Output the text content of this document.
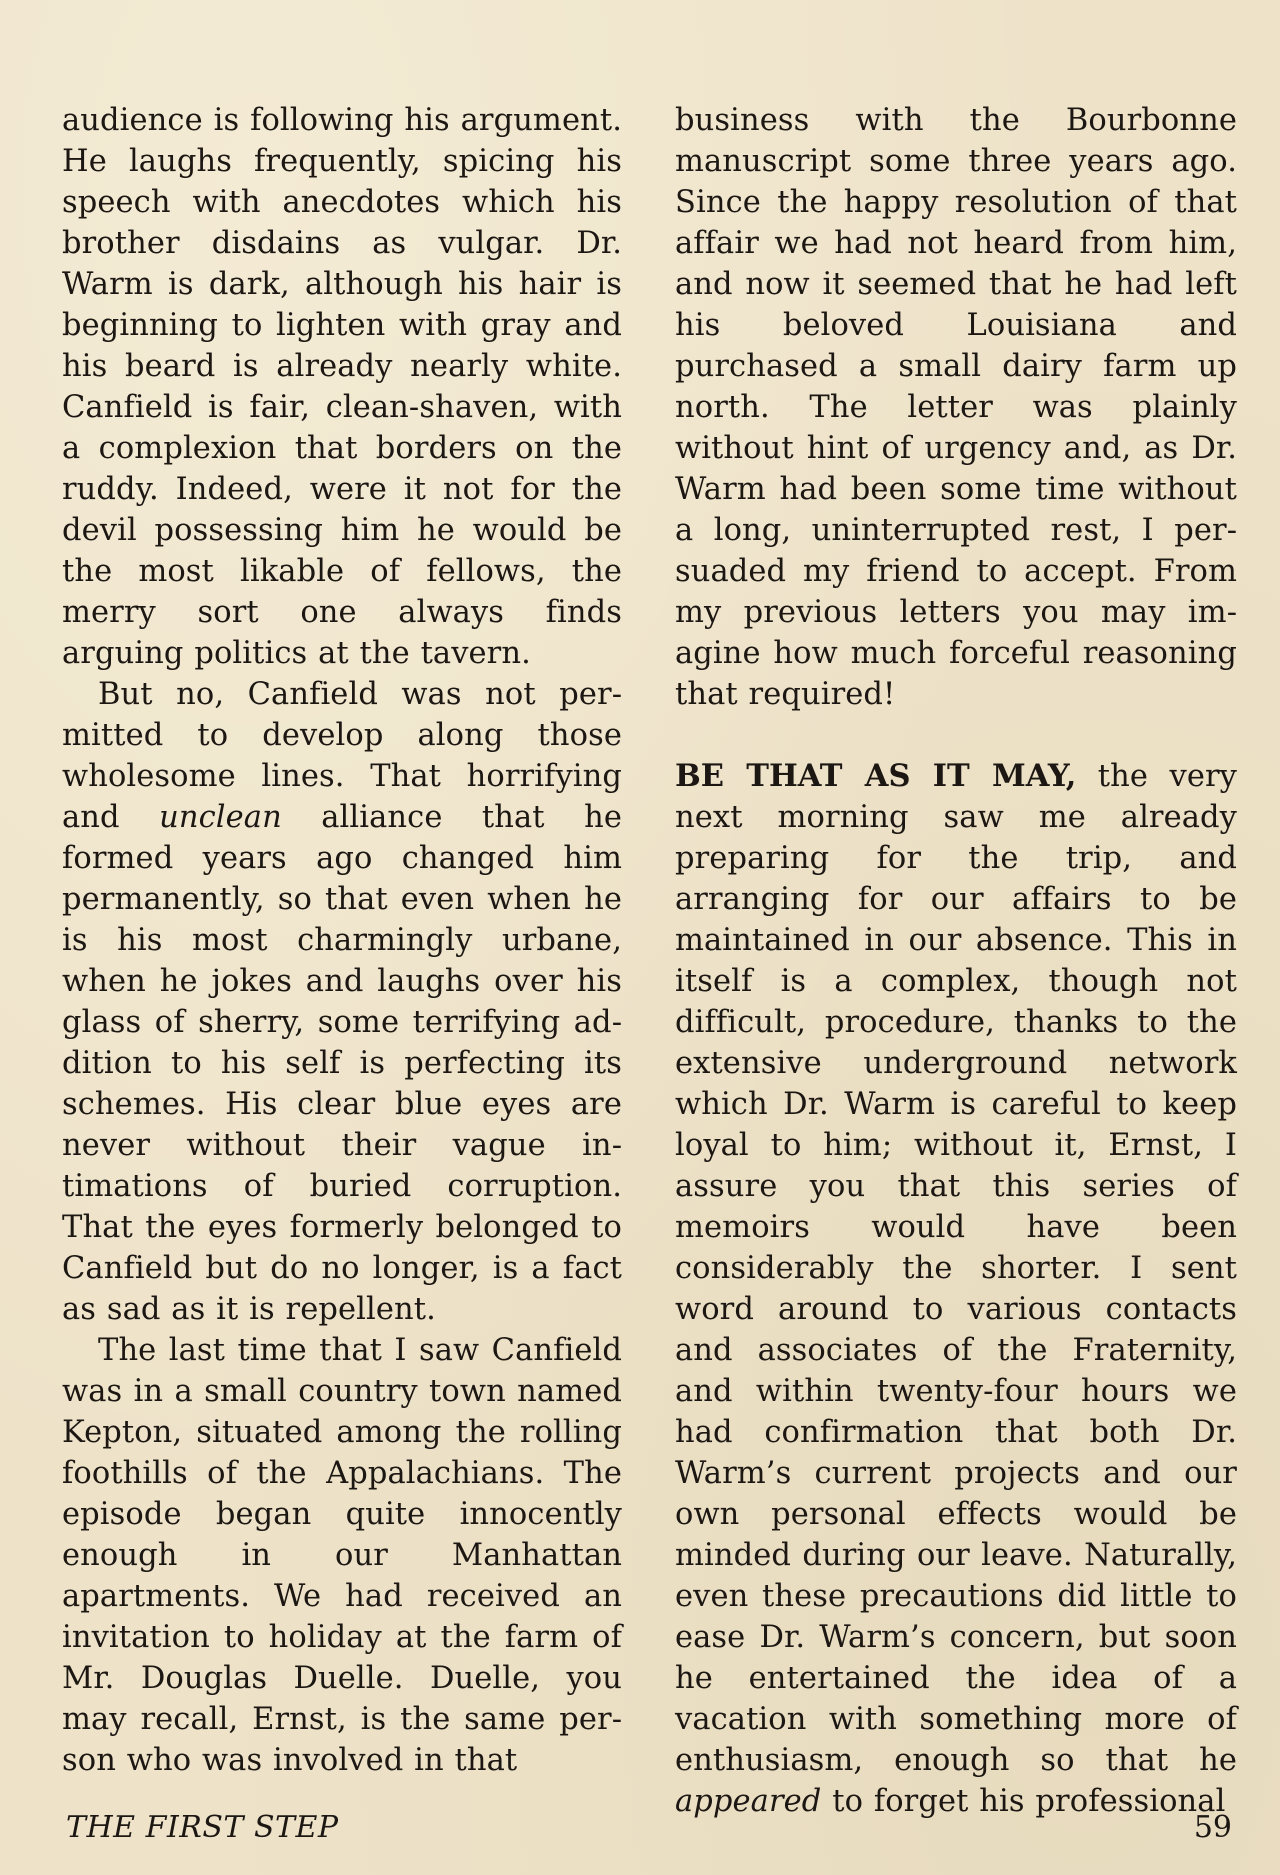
audience is following his argument. He laughs frequently, spicing his speech with anecdotes which his brother disdains as vulgar. Dr. Warm is dark, although his hair is beginning to lighten with gray and his beard is already nearly white. Canfield is fair, clean-shaven, with a complexion that borders on the ruddy. Indeed, were it not for the devil possessing him he would be the most likable of fellows, the merry sort one always finds arguing politics at the tavern.

But no, Canfield was not permitted to develop along those wholesome lines. That horrifying and unclean alliance that he formed years ago changed him permanently, so that even when he is his most charmingly urbane, when he jokes and laughs over his glass of sherry, some terrifying addition to his self is perfecting its schemes. His clear blue eyes are never without their vague intimations of buried corruption. That the eyes formerly belonged to Canfield but do no longer, is a fact as sad as it is repellent.

The last time that I saw Canfield was in a small country town named Kepton, situated among the rolling foothills of the Appalachians. The episode began quite innocently enough in our Manhattan apartments. We had received an invitation to holiday at the farm of Mr. Douglas Duelle. Duelle, you may recall, Ernst, is the same person who was involved in that

business with the Bourbonne manuscript some three years ago. Since the happy resolution of that affair we had not heard from him, and now it seemed that he had left his beloved Louisiana and purchased a small dairy farm up north. The letter was plainly without hint of urgency and, as Dr. Warm had been some time without a long, uninterrupted rest, I persuaded my friend to accept. From my previous letters you may imagine how much forceful reasoning that required!

BE THAT AS IT MAY, the very next morning saw me already preparing for the trip, and arranging for our affairs to be maintained in our absence. This in itself is a complex, though not difficult, procedure, thanks to the extensive underground network which Dr. Warm is careful to keep loyal to him; without it, Ernst, I assure you that this series of memoirs would have been considerably the shorter. I sent word around to various contacts and associates of the Fraternity, and within twenty-four hours we had confirmation that both Dr. Warm’s current projects and our own personal effects would be minded during our leave. Naturally, even these precautions did little to ease Dr. Warm’s concern, but soon he entertained the idea of a vacation with something more of enthusiasm, enough so that he appeared to forget his professional

THE FIRST STEP	59
